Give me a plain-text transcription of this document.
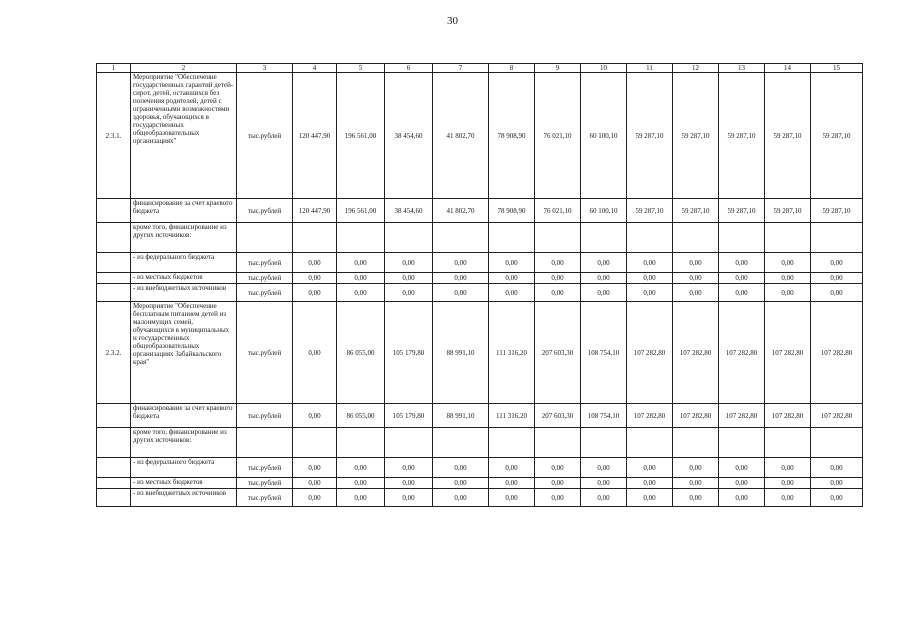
30
1	2	3	4	5	6	7	8	9	10	11	12	13	14	15
2.3.1.	Мероприятие "Обеспечение государственных гарантий детей-сирот, детей, оставшихся без попечения родителей, детей с ограниченными возможностями здоровья, обучающихся в государственных общеобразовательных организациях"	тыс.рублей	120 447,90	196 561,00	38 454,60	41 802,70	78 908,90	76 021,10	60 100,10	59 287,10	59 287,10	59 287,10	59 287,10	59 287,10
	финансирование за счет краевого бюджета	тыс.рублей	120 447,90	196 561,00	38 454,60	41 802,70	78 908,90	76 021,10	60 100,10	59 287,10	59 287,10	59 287,10	59 287,10	59 287,10
	кроме того, финансирование из других источников:													
	- из федерального бюджета	тыс.рублей	0,00	0,00	0,00	0,00	0,00	0,00	0,00	0,00	0,00	0,00	0,00	0,00
	- из местных бюджетов	тыс.рублей	0,00	0,00	0,00	0,00	0,00	0,00	0,00	0,00	0,00	0,00	0,00	0,00
	- из внебюджетных источников	тыс.рублей	0,00	0,00	0,00	0,00	0,00	0,00	0,00	0,00	0,00	0,00	0,00	0,00
2.3.2.	Мероприятие "Обеспечение бесплатным питанием детей из малоимущих семей, обучающихся в муниципальных и государственных общеобразовательных организациях Забайкальского края"	тыс.рублей	0,00	86 055,00	105 179,80	88 991,10	111 316,20	207 603,30	108 754,10	107 282,80	107 282,80	107 282,80	107 282,80	107 282,80
	финансирование за счет краевого бюджета	тыс.рублей	0,00	86 055,00	105 179,80	88 991,10	111 316,20	207 603,30	108 754,10	107 282,80	107 282,80	107 282,80	107 282,80	107 282,80
	кроме того, финансирование из других источников:													
	- из федерального бюджета	тыс.рублей	0,00	0,00	0,00	0,00	0,00	0,00	0,00	0,00	0,00	0,00	0,00	0,00
	- из местных бюджетов	тыс.рублей	0,00	0,00	0,00	0,00	0,00	0,00	0,00	0,00	0,00	0,00	0,00	0,00
	- из внебюджетных источников	тыс.рублей	0,00	0,00	0,00	0,00	0,00	0,00	0,00	0,00	0,00	0,00	0,00	0,00
